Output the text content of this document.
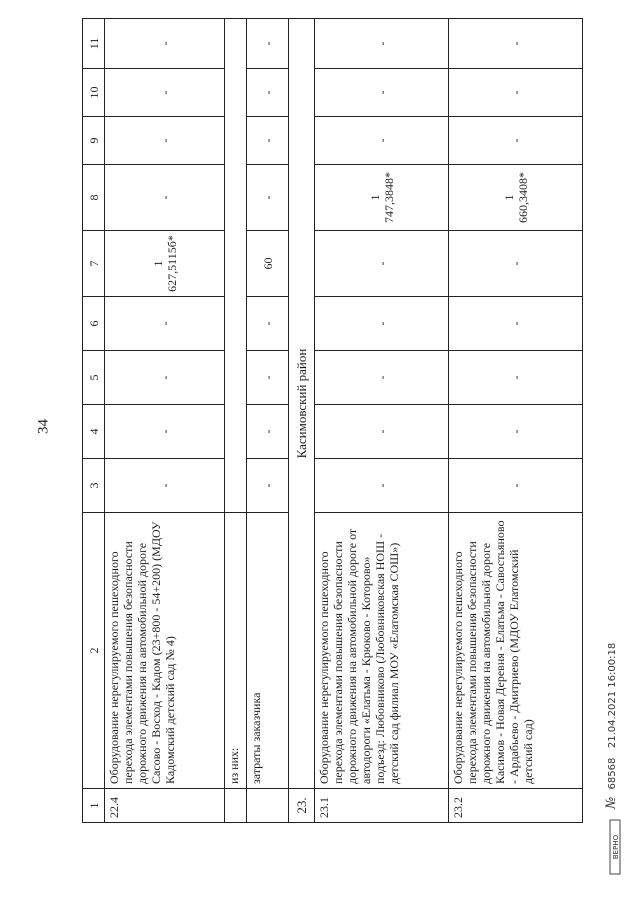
34
1	2	3	4	5	6	7	8	9	10	11
22.4	Оборудование нерегулируемого пешеходного перехода элементами повышения безопасности дорожного движения на автомобильной дороге Сасово - Восход - Кадом (23+800 - 54+200) (МДОУ Кадомский детский сад № 4)	-	-	-	-	1 627,5115б*	-	-	-	-
	из них:									
	затраты заказчика	-	-	-	-	60	-	-	-	-
23.	Касимовский район									
23.1	Оборудование нерегулируемого пешеходного перехода элементами повышения безопасности дорожного движения на автомобильной дороге от автодороги «Елатьма - Крюково - Которово» подъезд: Любовниково (Любовниковская НОШ - детский сад филиал МОУ «Елатомская СОШ»)	-	-	-	-	-	1 747,3848*	-	-	-
23.2	Оборудование нерегулируемого пешеходного перехода элементами повышения безопасности дорожного движения на автомобильной дороге Касимов - Новая Деревня - Елатьма - Савостьяново - Ардабьево - Дмитриево (МДОУ Елатомский детский сад)	-	-	-	-	-	1 660,3408*	-	-	-
ВЕРНО
№ 68568   21.04.2021 16:00:18
